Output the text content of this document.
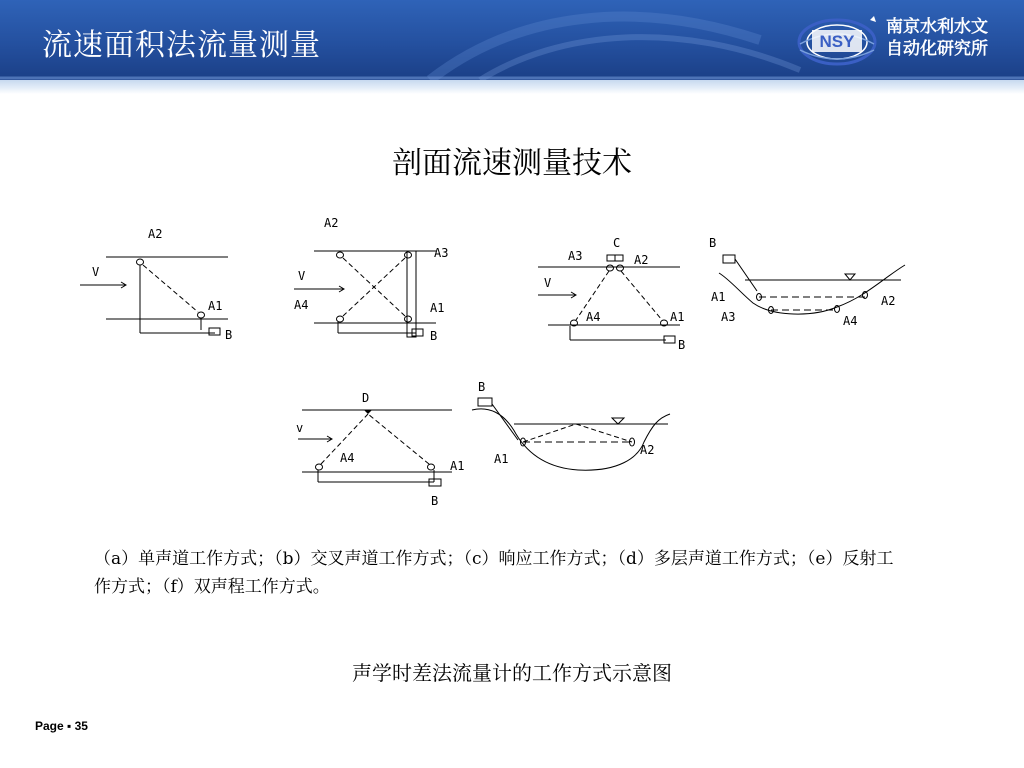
流速面积法流量测量	NSY
南京水利水文
自动化研究所
剖面流速测量技术
A2
A1
B
V
A2
A3
A4	A1
B
V
C
A3	A2
V
A4	A1
B
B
A1	A2
A3	A4
D
v
A4
A1
B
B
A1
A2
（a）单声道工作方式；（b）交叉声道工作方式；（c）响应工作方式；（d）多层声道工作方式；（e）反射工作方式；（f）双声程工作方式。
声学时差法流量计的工作方式示意图
Page ▪ 35
